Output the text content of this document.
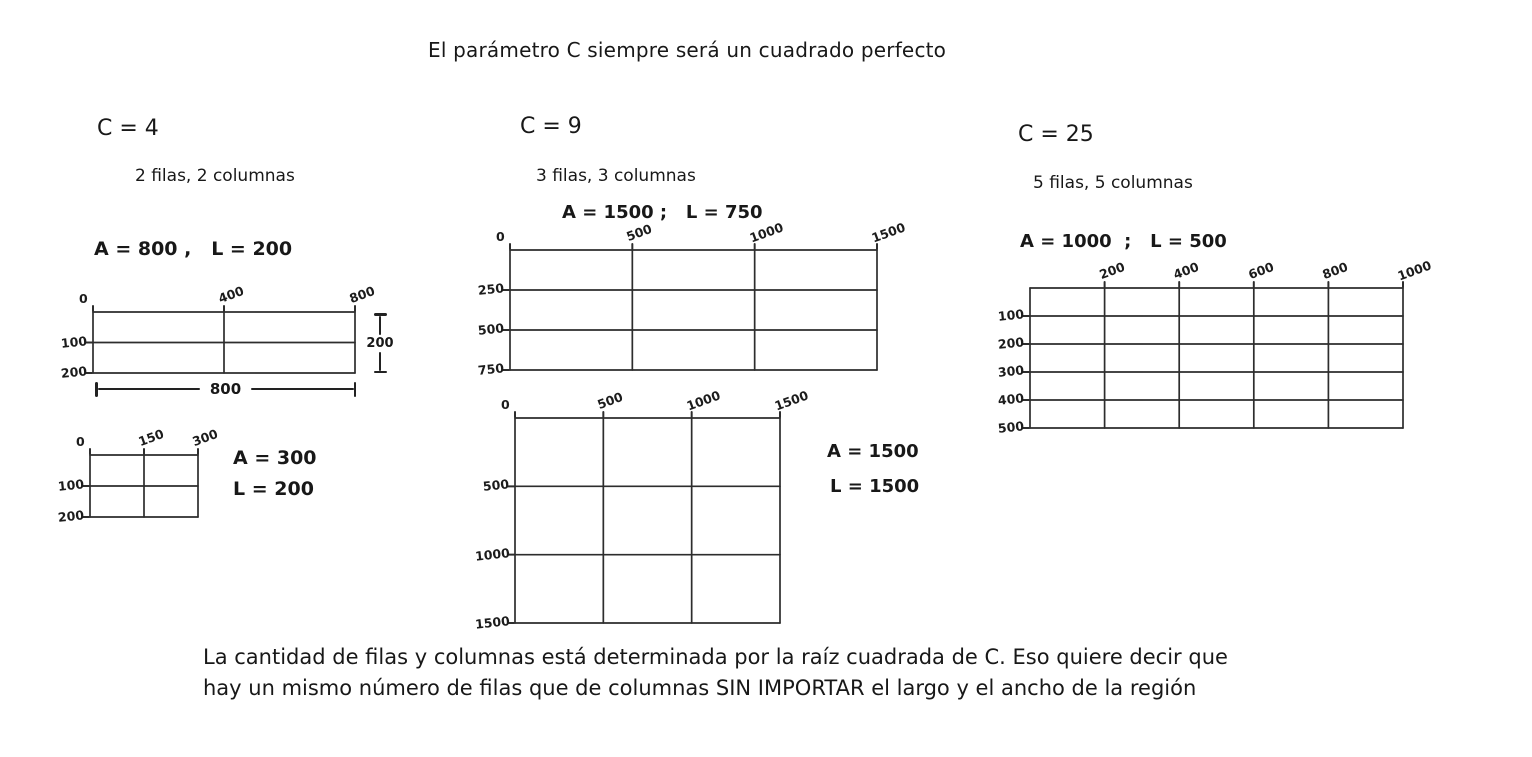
El parámetro C siempre será un cuadrado perfecto
C = 4
2 filas, 2 columnas
A = 800 ,   L = 200
C = 9
3 filas, 3 columnas
A = 1500 ;   L = 750
C = 25
5 filas, 5 columnas
A = 1000  ;   L = 500
0	400	800
100
200
0	150 300
100
200
0	500	1000	1500
250
500
750
0	500	1000	1500
500
1000
1500
200	400	600	800	1000
100
200
300
400
500
200
800
A = 300
L = 200
A = 1500
L = 1500
La cantidad de filas y columnas está determinada por la raíz cuadrada de C. Eso quiere decir que
hay un mismo número de filas que de columnas SIN IMPORTAR el largo y el ancho de la región
